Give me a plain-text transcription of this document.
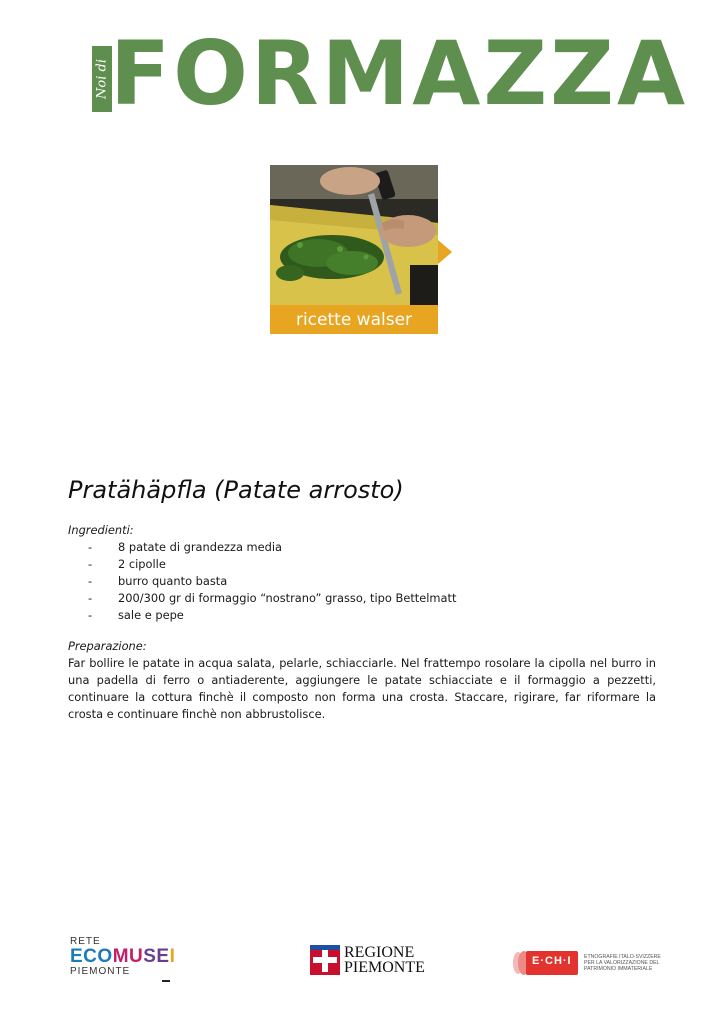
Noi di FORMAZZA
ricette walser
Pratähäpfla (Patate arrosto)
Ingredienti:
- 8 patate di grandezza media
- 2 cipolle
- burro quanto basta
- 200/300 gr di formaggio “nostrano” grasso, tipo Bettelmatt
- sale e pepe
Preparazione:
Far bollire le patate in acqua salata, pelarle, schiacciarle. Nel frattempo rosolare la cipolla nel burro in una padella di ferro o antiaderente, aggiungere le patate schiacciate e il formaggio a pezzetti, continuare la cottura finchè il composto non forma una crosta. Staccare, rigirare, far riformare la crosta e continuare finchè non abbrustolisce.
RETE
ECOMUSEI
PIEMONTE
REGIONE
PIEMONTE	E·CH·I ETNOGRAFIE ITALO-SVIZZERE PER LA VALORIZZAZIONE DEL PATRIMONIO IMMATERIALE
